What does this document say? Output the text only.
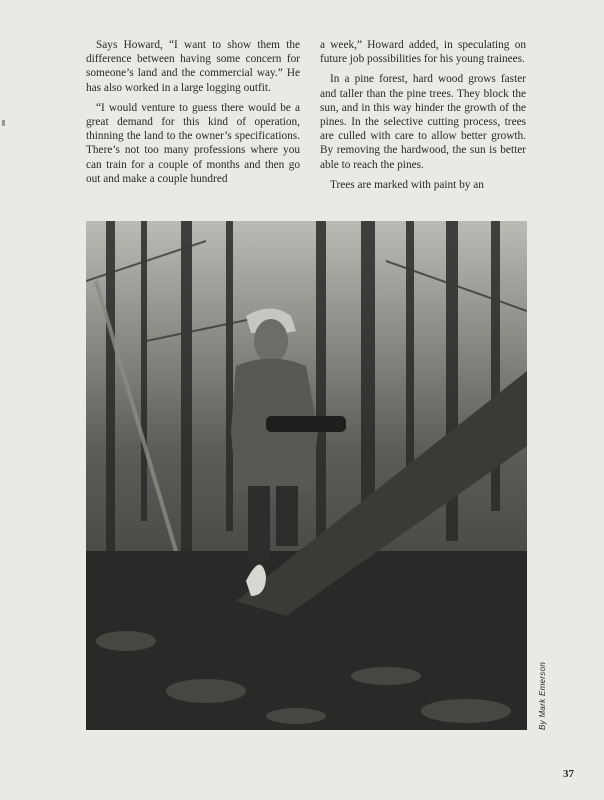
Says Howard, “I want to show them the difference between having some concern for someone’s land and the commercial way.” He has also worked in a large logging outfit.

“I would venture to guess there would be a great demand for this kind of operation, thinning the land to the owner’s specifications. There’s not too many professions where you can train for a couple of months and then go out and make a couple hundred

a week,” Howard added, in speculating on future job possibilities for his young trainees.

In a pine forest, hard wood grows faster and taller than the pine trees. They block the sun, and in this way hinder the growth of the pines. In the selective cutting process, trees are culled with care to allow better growth. By removing the hardwood, the sun is better able to reach the pines.

Trees are marked with paint by an

By Mark Emerson
37
